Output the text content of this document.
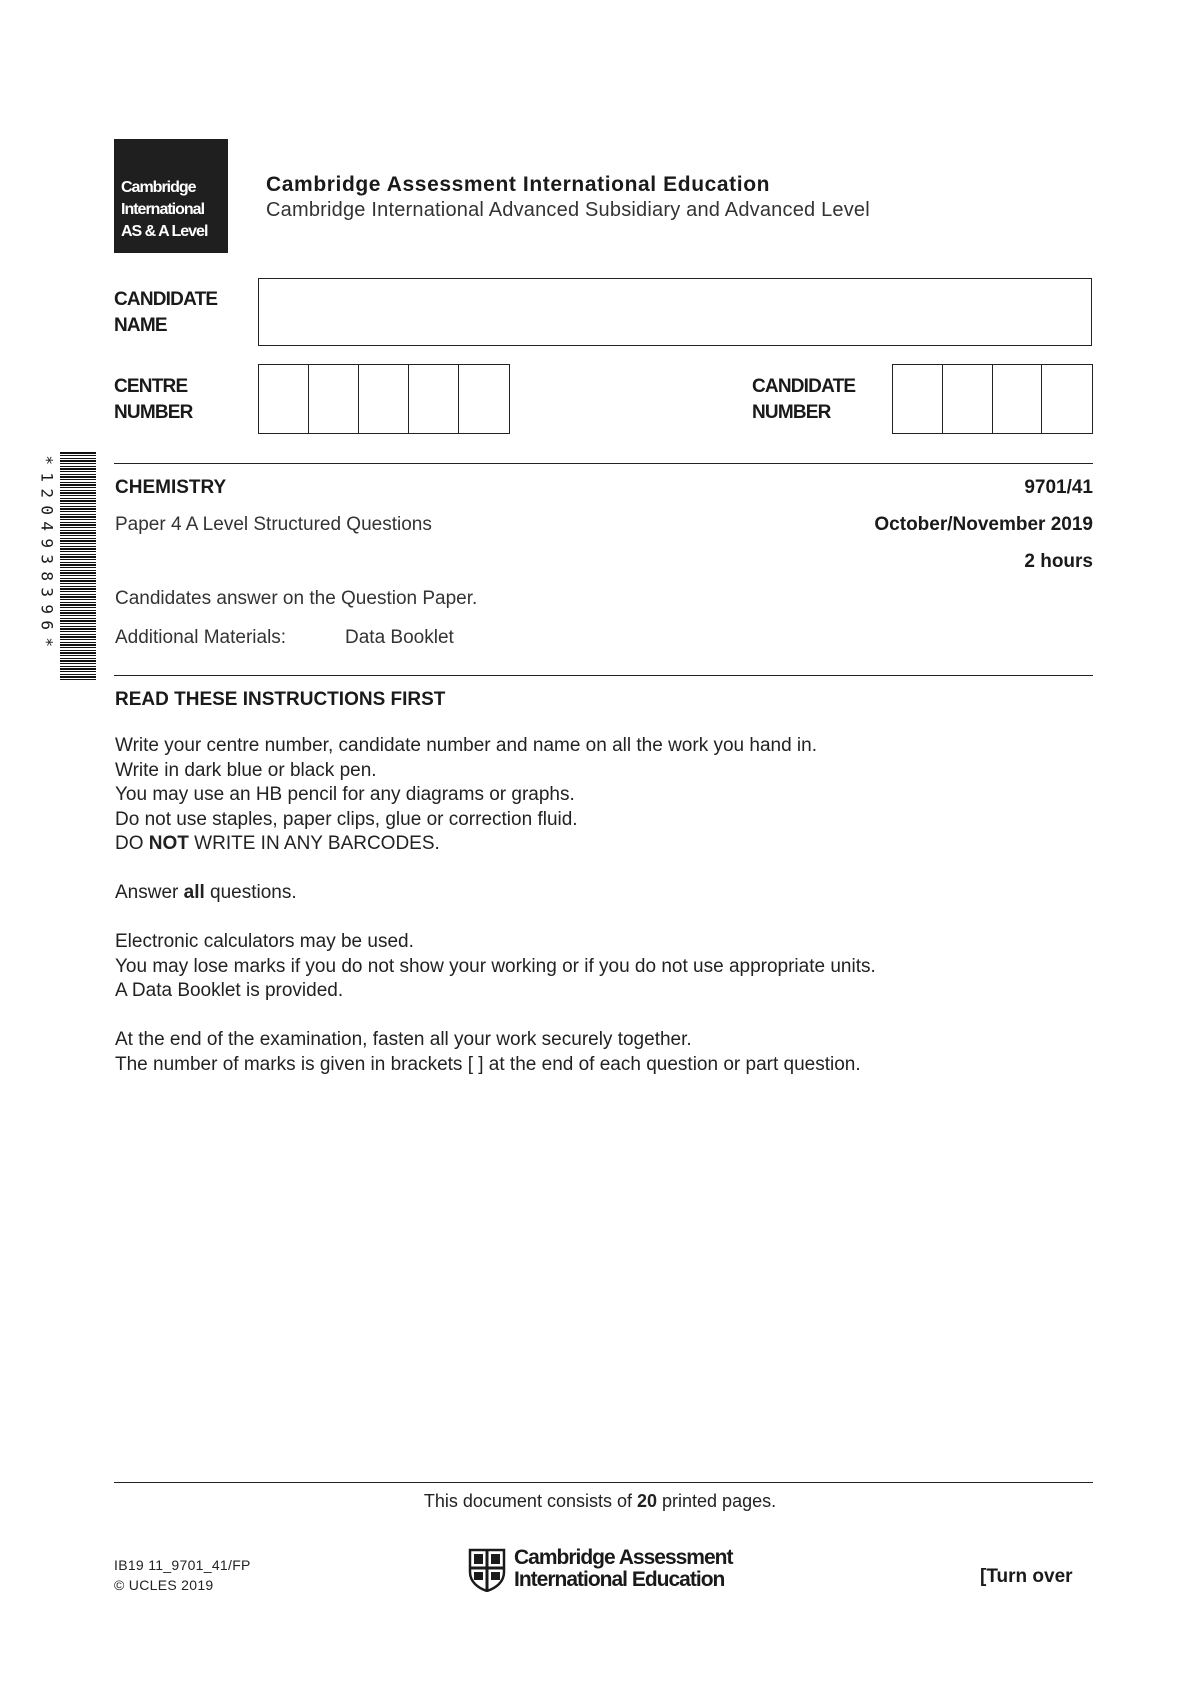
Cambridge
International
AS & A Level
Cambridge Assessment International Education
Cambridge International Advanced Subsidiary and Advanced Level
CANDIDATE
NAME
CENTRE
NUMBER
CANDIDATE
NUMBER
*
1
2
0
4
9
3
8
3
9
6
*
CHEMISTRY	9701/41
Paper 4 A Level Structured Questions	October/November 2019
2 hours
Candidates answer on the Question Paper.
Additional Materials:	Data Booklet
READ THESE INSTRUCTIONS FIRST

Write your centre number, candidate number and name on all the work you hand in.

Write in dark blue or black pen.

You may use an HB pencil for any diagrams or graphs.

Do not use staples, paper clips, glue or correction fluid.

DO NOT WRITE IN ANY BARCODES.

Answer all questions.

Electronic calculators may be used.

You may lose marks if you do not show your working or if you do not use appropriate units.

A Data Booklet is provided.

At the end of the examination, fasten all your work securely together.

The number of marks is given in brackets [ ] at the end of each question or part question.

This document consists of 20 printed pages.
IB19 11_9701_41/FP
© UCLES 2019
Cambridge Assessment
International Education	[Turn over
